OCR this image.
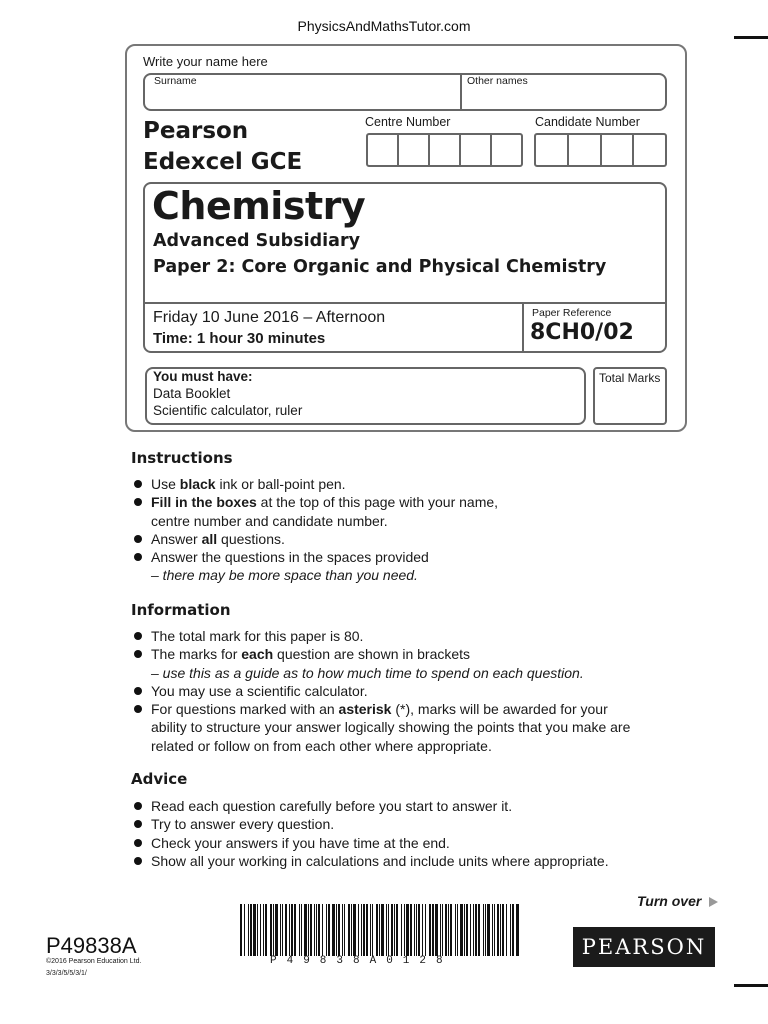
PhysicsAndMathsTutor.com
Write your name here
Surname	Other names
Pearson
Edexcel GCE
Centre Number	Candidate Number
Chemistry
Advanced Subsidiary
Paper 2: Core Organic and Physical Chemistry
Friday 10 June 2016 – Afternoon
Time: 1 hour 30 minutes
Paper Reference
8CH0/02
You must have:
Data Booklet
Scientific calculator, ruler
Total Marks
Instructions
Use black ink or ball-point pen.
Fill in the boxes at the top of this page with your name,
centre number and candidate number.
Answer all questions.
Answer the questions in the spaces provided
– there may be more space than you need.
Information
The total mark for this paper is 80.
The marks for each question are shown in brackets
– use this as a guide as to how much time to spend on each question.
You may use a scientific calculator.
For questions marked with an asterisk (*), marks will be awarded for your
ability to structure your answer logically showing the points that you make are
related or follow on from each other where appropriate.
Advice
Read each question carefully before you start to answer it.
Try to answer every question.
Check your answers if you have time at the end.
Show all your working in calculations and include units where appropriate.
Turn over
P49838A
©2016 Pearson Education Ltd.
3/3/3/5/5/3/1/
P49838A0128
PEARSON
